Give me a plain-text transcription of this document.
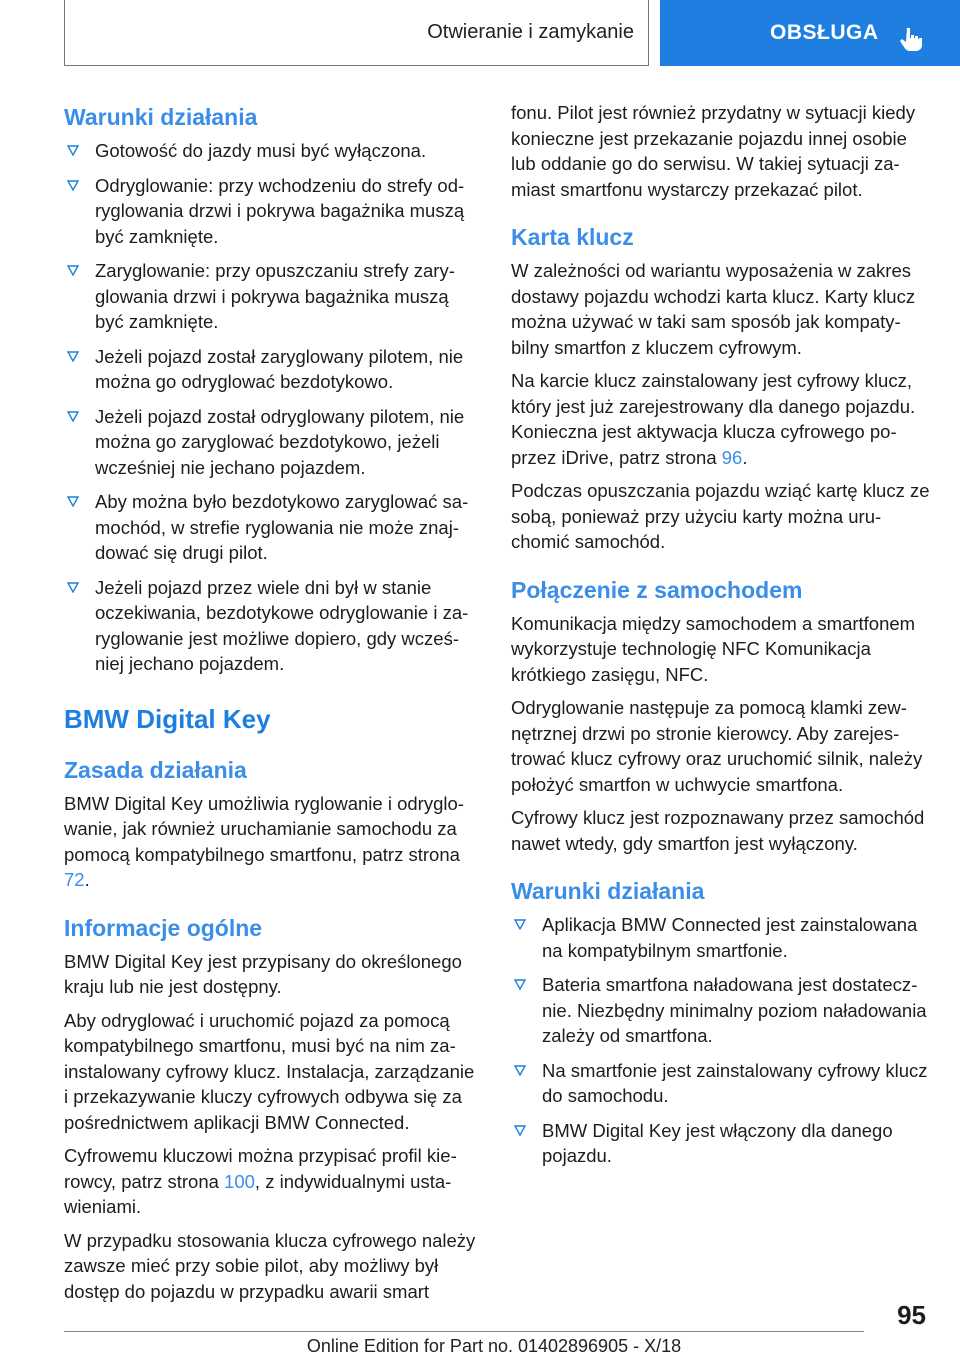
Otwieranie i zamykanie	OBSŁUGA
Warunki działania
Gotowość do jazdy musi być wyłączona.
Odryglowanie: przy wchodzeniu do strefy odryglowania drzwi i pokrywa bagażnika muszą być zamknięte.
Zaryglowanie: przy opuszczaniu strefy zaryglowania drzwi i pokrywa bagażnika muszą być zamknięte.
Jeżeli pojazd został zaryglowany pilotem, nie można go odryglować bezdotykowo.
Jeżeli pojazd został odryglowany pilotem, nie można go zaryglować bezdotykowo, jeżeli wcześniej nie jechano pojazdem.
Aby można było bezdotykowo zaryglować samochód, w strefie ryglowania nie może znajdować się drugi pilot.
Jeżeli pojazd przez wiele dni był w stanie oczekiwania, bezdotykowe odryglowanie i zaryglowanie jest możliwe dopiero, gdy wcześniej jechano pojazdem.
BMW Digital Key
Zasada działania

BMW Digital Key umożliwia ryglowanie i odryglowanie, jak również uruchamianie samochodu za pomocą kompatybilnego smartfonu, patrz strona 72.

Informacje ogólne

BMW Digital Key jest przypisany do określonego kraju lub nie jest dostępny.

Aby odryglować i uruchomić pojazd za pomocą kompatybilnego smartfonu, musi być na nim zainstalowany cyfrowy klucz. Instalacja, zarządzanie i przekazywanie kluczy cyfrowych odbywa się za pośrednictwem aplikacji BMW Connected.

Cyfrowemu kluczowi można przypisać profil kierowcy, patrz strona 100, z indywidualnymi ustawieniami.

W przypadku stosowania klucza cyfrowego należy zawsze mieć przy sobie pilot, aby możliwy był dostęp do pojazdu w przypadku awarii smart

fonu. Pilot jest również przydatny w sytuacji kiedy konieczne jest przekazanie pojazdu innej osobie lub oddanie go do serwisu. W takiej sytuacji zamiast smartfonu wystarczy przekazać pilot.

Karta klucz

W zależności od wariantu wyposażenia w zakres dostawy pojazdu wchodzi karta klucz. Karty klucz można używać w taki sam sposób jak kompatybilny smartfon z kluczem cyfrowym.

Na karcie klucz zainstalowany jest cyfrowy klucz, który jest już zarejestrowany dla danego pojazdu. Konieczna jest aktywacja klucza cyfrowego poprzez iDrive, patrz strona 96.

Podczas opuszczania pojazdu wziąć kartę klucz ze sobą, ponieważ przy użyciu karty można uruchomić samochód.

Połączenie z samochodem

Komunikacja między samochodem a smartfonem wykorzystuje technologię NFC Komunikacja krótkiego zasięgu, NFC.

Odryglowanie następuje za pomocą klamki zewnętrznej drzwi po stronie kierowcy. Aby zarejestrować klucz cyfrowy oraz uruchomić silnik, należy położyć smartfon w uchwycie smartfona.

Cyfrowy klucz jest rozpoznawany przez samochód nawet wtedy, gdy smartfon jest wyłączony.

Warunki działania
Aplikacja BMW Connected jest zainstalowana na kompatybilnym smartfonie.
Bateria smartfona naładowana jest dostatecznie. Niezbędny minimalny poziom naładowania zależy od smartfona.
Na smartfonie jest zainstalowany cyfrowy klucz do samochodu.
BMW Digital Key jest włączony dla danego pojazdu.
95
Online Edition for Part no. 01402896905 - X/18
